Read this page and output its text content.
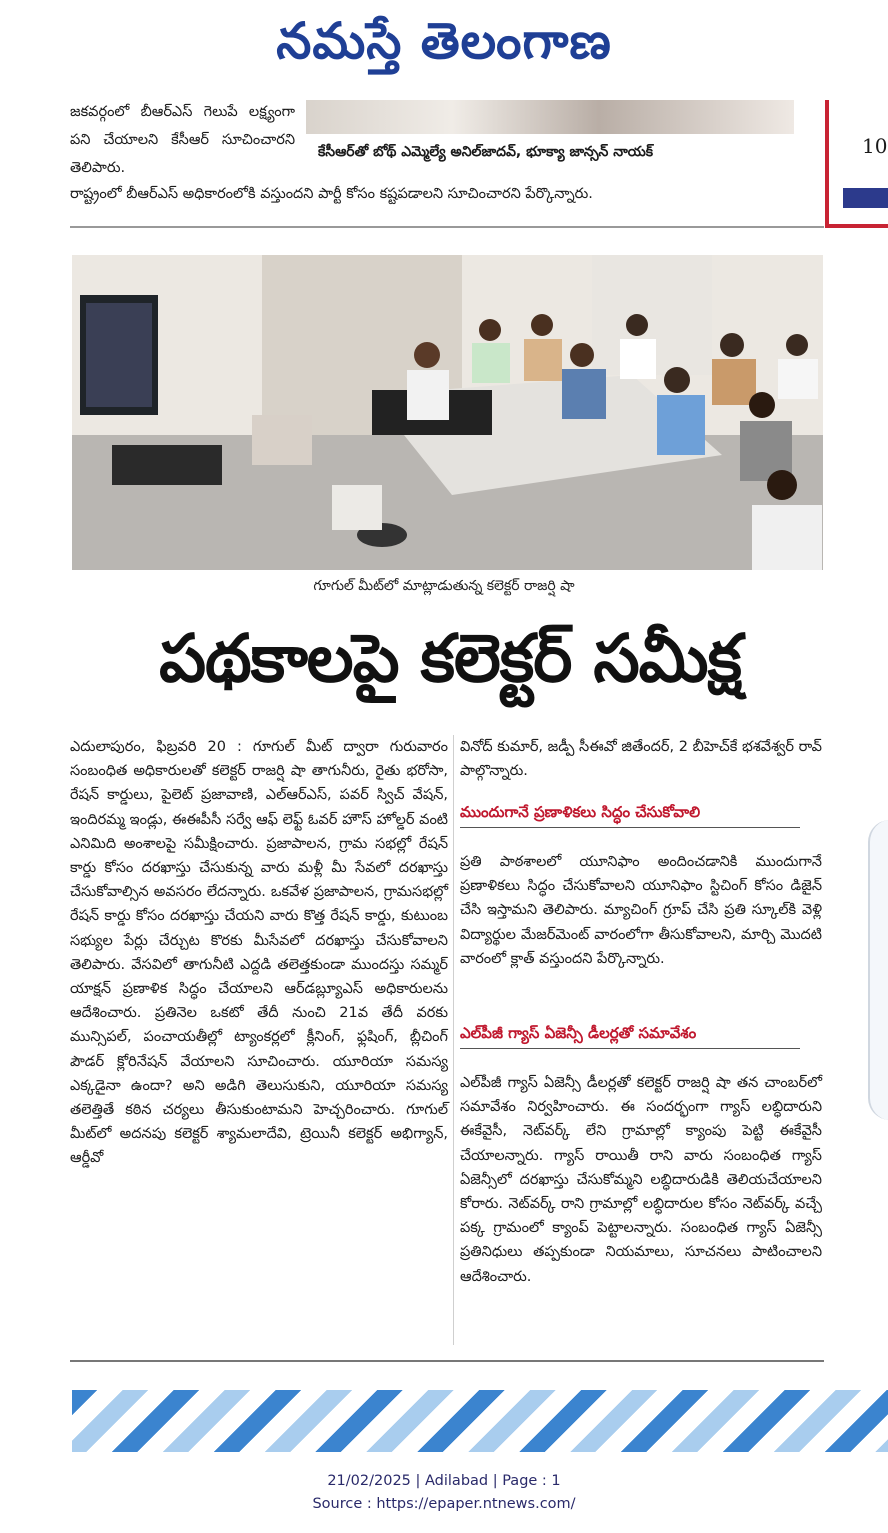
నమస్తే తెలంగాణ
జకవర్గంలో బీఆర్ఎస్ గెలుపే లక్ష్యంగా పని చేయాలని కేసీఆర్ సూచించారని తెలిపారు.
కేసీఆర్‌తో బోథ్ ఎమ్మెల్యే అనిల్‌జాదవ్, భూక్యా జాన్సన్ నాయక్
రాష్ట్రంలో బీఆర్ఎస్ అధికారంలోకి వస్తుందని పార్టీ కోసం కష్టపడాలని సూచించారని పేర్కొన్నారు.
10
గూగుల్ మీట్‌లో మాట్లాడుతున్న కలెక్టర్ రాజర్షి షా
పథకాలపై కలెక్టర్ సమీక్ష
ఎదులాపురం, ఫిబ్రవరి 20 : గూగుల్ మీట్ ద్వారా గురువారం సంబంధిత అధికారులతో కలెక్టర్ రాజర్షి షా తాగునీరు, రైతు భరోసా, రేషన్ కార్డులు, పైలెట్ ప్రజావాణి, ఎల్ఆర్ఎస్, పవర్ స్విచ్ వేషన్, ఇందిరమ్మ ఇండ్లు, ఈఈపీసీ సర్వే ఆఫ్ లెఫ్ట్ ఓవర్ హౌస్ హోల్డర్ వంటి ఎనిమిది అంశాలపై సమీక్షించారు. ప్రజాపాలన, గ్రామ సభల్లో రేషన్ కార్డు కోసం దరఖాస్తు చేసుకున్న వారు మళ్లీ మీ సేవలో దరఖాస్తు చేసుకోవాల్సిన అవసరం లేదన్నారు. ఒకవేళ ప్రజాపాలన, గ్రామసభల్లో రేషన్ కార్డు కోసం దరఖాస్తు చేయని వారు కొత్త రేషన్ కార్డు, కుటుంబ సభ్యుల పేర్లు చేర్చుట కొరకు మీసేవలో దరఖాస్తు చేసుకోవాలని తెలిపారు. వేసవిలో తాగునీటి ఎద్దడి తలెత్తకుండా ముందస్తు సమ్మర్ యాక్షన్ ప్రణాళిక సిద్ధం చేయాలని ఆర్‌డబ్ల్యూఎస్ అధికారులను ఆదేశించారు. ప్రతినెల ఒకటో తేదీ నుంచి 21వ తేదీ వరకు మున్సిపల్, పంచాయతీల్లో ట్యాంకర్లలో క్లీనింగ్, ఫ్లషింగ్, బ్లీచింగ్ పౌడర్ క్లోరినేషన్ వేయాలని సూచించారు. యూరియా సమస్య ఎక్కడైనా ఉందా? అని అడిగి తెలుసుకుని, యూరియా సమస్య తలెత్తితే కఠిన చర్యలు తీసుకుంటామని హెచ్చరించారు. గూగుల్ మీట్‌లో అదనపు కలెక్టర్ శ్యామలాదేవి, ట్రెయినీ కలెక్టర్ అభిగ్యాన్, ఆర్డీవో
వినోద్ కుమార్, జడ్పీ సీఈవో జితేందర్, 2 బీహెచ్‌కే భశవేశ్వర్ రావ్ పాల్గొన్నారు.
ముందుగానే ప్రణాళికలు సిద్ధం చేసుకోవాలి
ప్రతి పాఠశాలలో యూనిఫాం అందించడానికి ముందుగానే ప్రణాళికలు సిద్ధం చేసుకోవాలని యూనిఫాం స్టిచింగ్ కోసం డిజైన్ చేసి ఇస్తామని తెలిపారు. మ్యాచింగ్ గ్రూప్ చేసి ప్రతి స్కూల్‌కి వెళ్లి విద్యార్థుల మేజర్‌మెంట్ వారంలోగా తీసుకోవాలని, మార్చి మొదటి వారంలో క్లాత్ వస్తుందని పేర్కొన్నారు.
ఎల్‌పీజీ గ్యాస్ ఏజెన్సీ డీలర్లతో సమావేశం
ఎల్‌పీజీ గ్యాస్ ఏజెన్సీ డీలర్లతో కలెక్టర్ రాజర్షి షా తన చాంబర్‌లో సమావేశం నిర్వహించారు. ఈ సందర్భంగా గ్యాస్ లబ్ధిదారుని ఈకేవైసీ, నెట్‌వర్క్ లేని గ్రామాల్లో క్యాంపు పెట్టి ఈకేవైసీ చేయాలన్నారు. గ్యాస్ రాయితీ రాని వారు సంబంధిత గ్యాస్ ఏజెన్సీలో దరఖాస్తు చేసుకోమ్మని లబ్ధిదారుడికి తెలియచేయాలని కోరారు. నెట్‌వర్క్ రాని గ్రామాల్లో లబ్ధిదారుల కోసం నెట్‌వర్క్ వచ్చే పక్క గ్రామంలో క్యాంప్ పెట్టాలన్నారు. సంబంధిత గ్యాస్ ఏజెన్సీ ప్రతినిధులు తప్పకుండా నియమాలు, సూచనలు పాటించాలని ఆదేశించారు.
21/02/2025 | Adilabad | Page : 1
Source : https://epaper.ntnews.com/
